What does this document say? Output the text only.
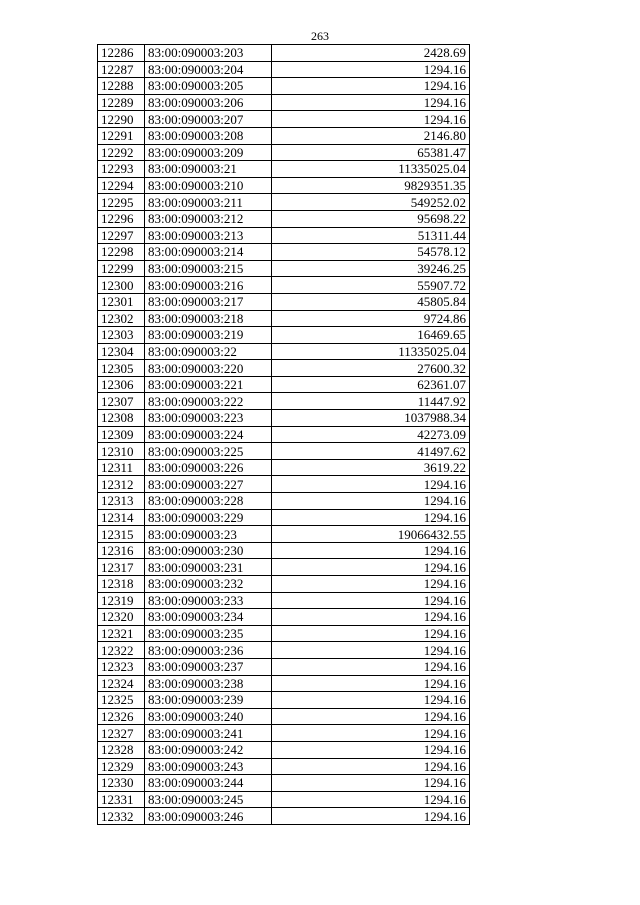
263
12286	83:00:090003:203	2428.69
12287	83:00:090003:204	1294.16
12288	83:00:090003:205	1294.16
12289	83:00:090003:206	1294.16
12290	83:00:090003:207	1294.16
12291	83:00:090003:208	2146.80
12292	83:00:090003:209	65381.47
12293	83:00:090003:21	11335025.04
12294	83:00:090003:210	9829351.35
12295	83:00:090003:211	549252.02
12296	83:00:090003:212	95698.22
12297	83:00:090003:213	51311.44
12298	83:00:090003:214	54578.12
12299	83:00:090003:215	39246.25
12300	83:00:090003:216	55907.72
12301	83:00:090003:217	45805.84
12302	83:00:090003:218	9724.86
12303	83:00:090003:219	16469.65
12304	83:00:090003:22	11335025.04
12305	83:00:090003:220	27600.32
12306	83:00:090003:221	62361.07
12307	83:00:090003:222	11447.92
12308	83:00:090003:223	1037988.34
12309	83:00:090003:224	42273.09
12310	83:00:090003:225	41497.62
12311	83:00:090003:226	3619.22
12312	83:00:090003:227	1294.16
12313	83:00:090003:228	1294.16
12314	83:00:090003:229	1294.16
12315	83:00:090003:23	19066432.55
12316	83:00:090003:230	1294.16
12317	83:00:090003:231	1294.16
12318	83:00:090003:232	1294.16
12319	83:00:090003:233	1294.16
12320	83:00:090003:234	1294.16
12321	83:00:090003:235	1294.16
12322	83:00:090003:236	1294.16
12323	83:00:090003:237	1294.16
12324	83:00:090003:238	1294.16
12325	83:00:090003:239	1294.16
12326	83:00:090003:240	1294.16
12327	83:00:090003:241	1294.16
12328	83:00:090003:242	1294.16
12329	83:00:090003:243	1294.16
12330	83:00:090003:244	1294.16
12331	83:00:090003:245	1294.16
12332	83:00:090003:246	1294.16
